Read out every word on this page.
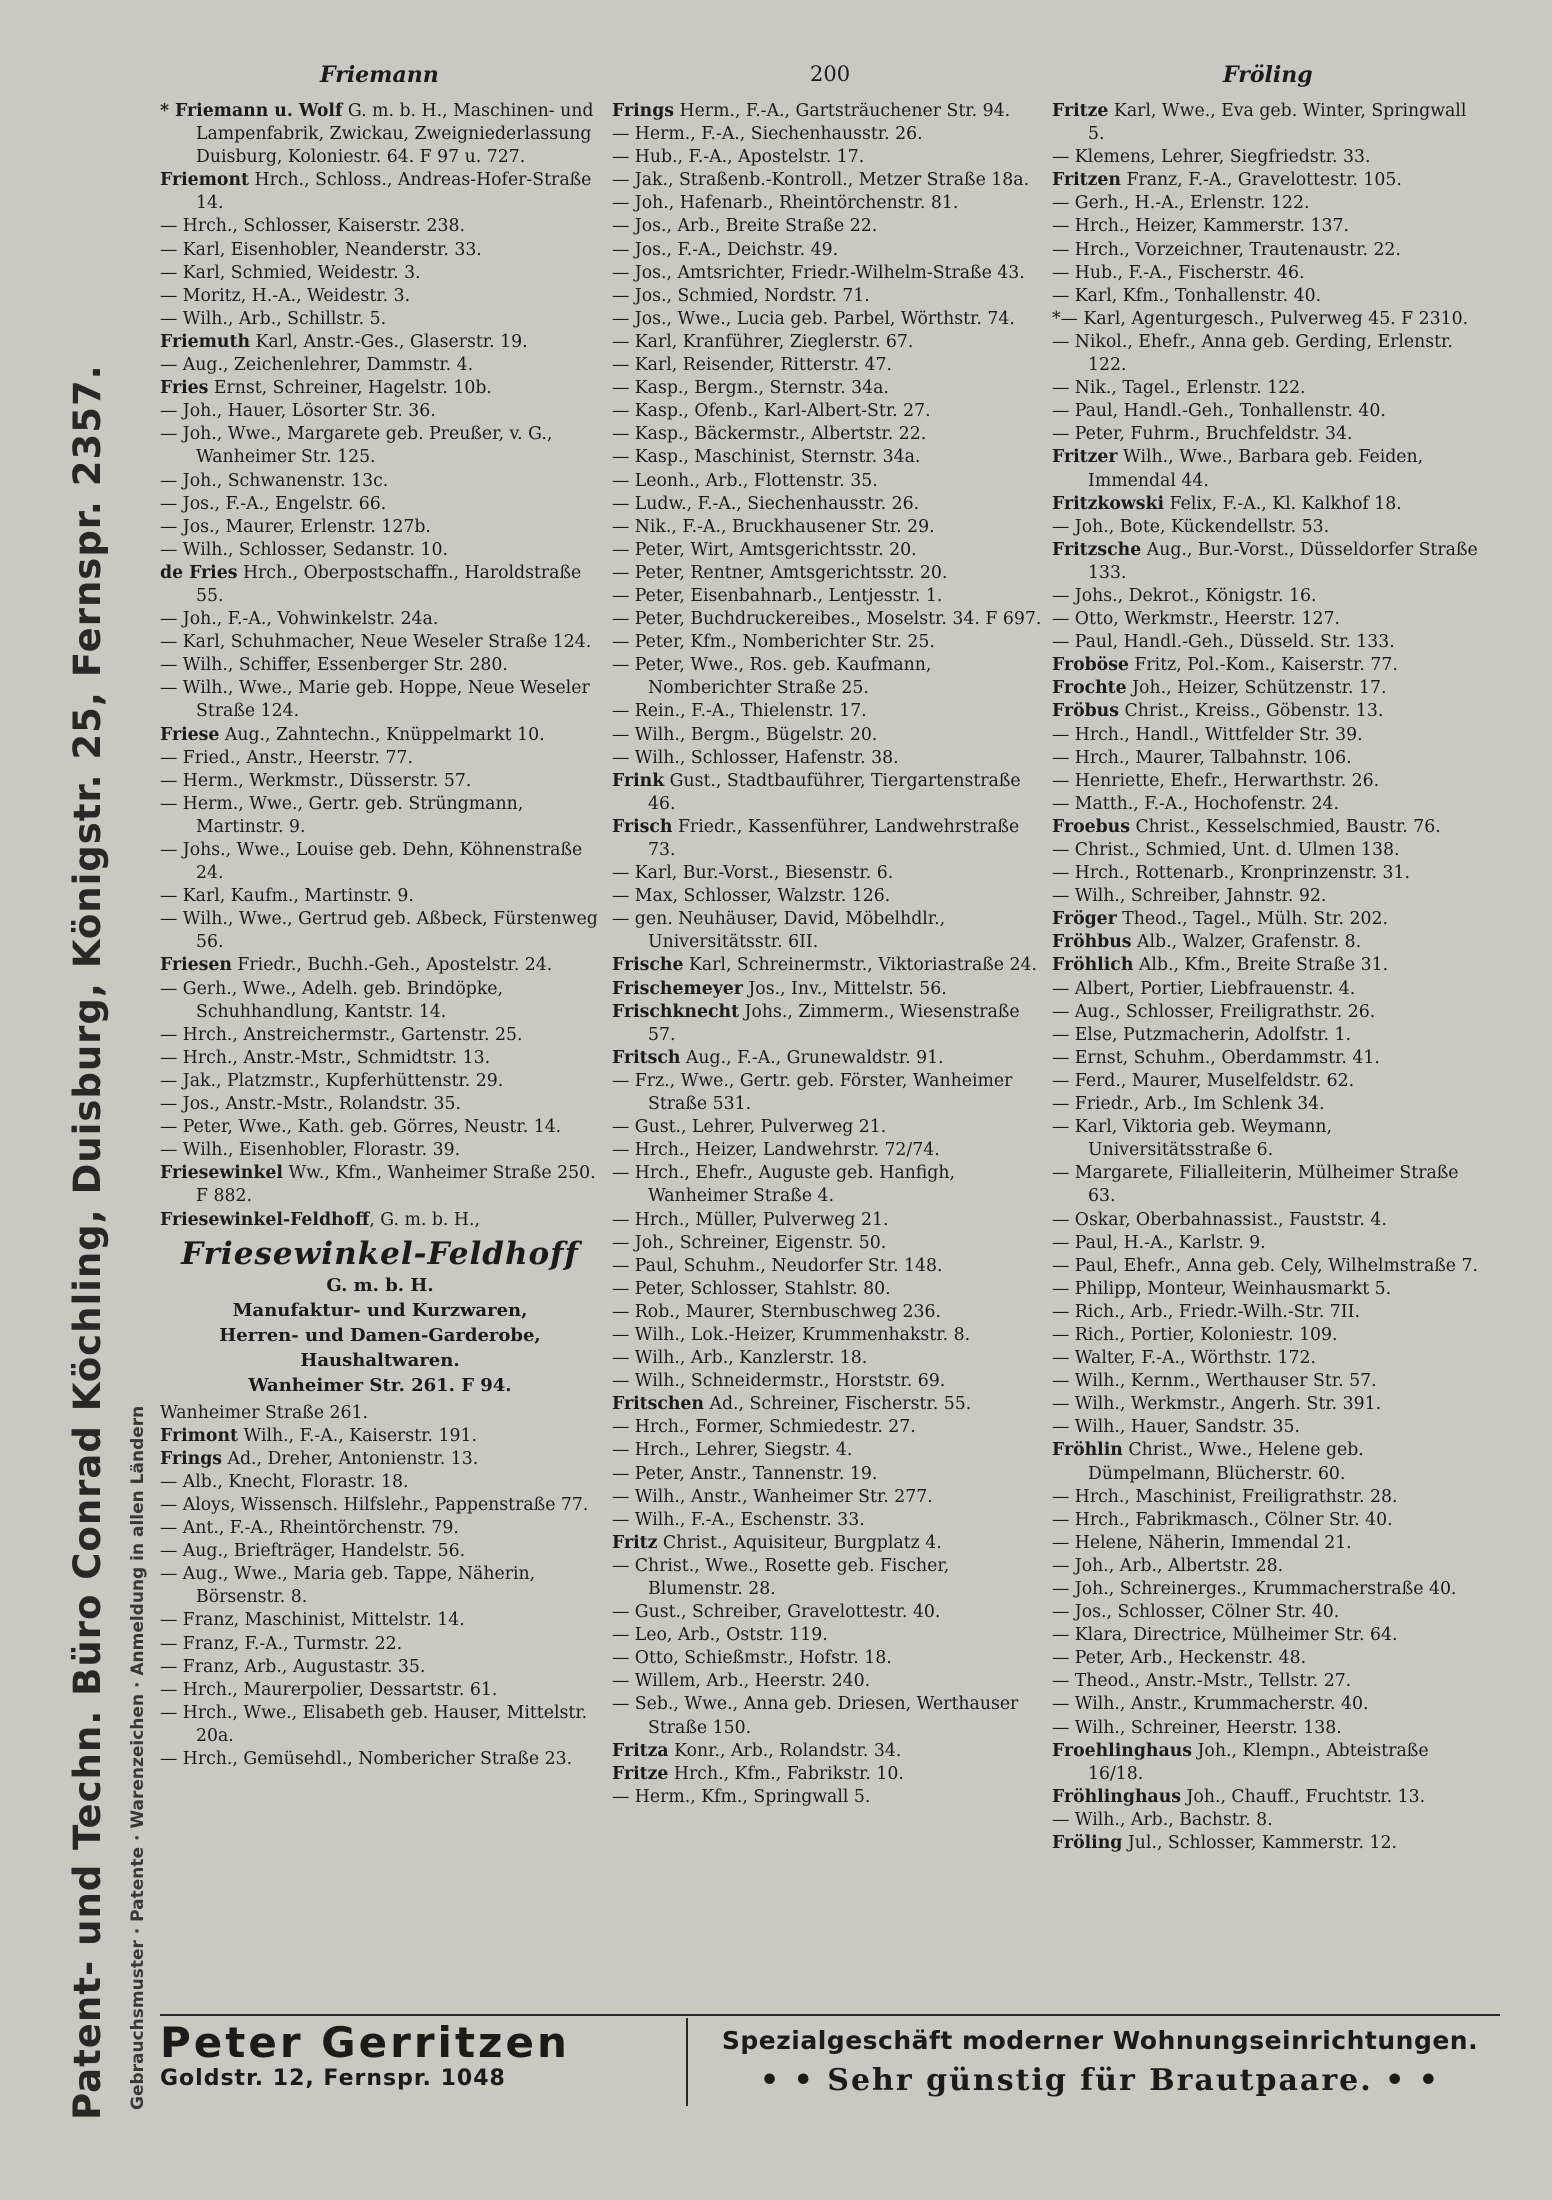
Patent- und Techn. Büro Conrad Köchling, Duisburg, Königstr. 25, Fernspr. 2357. Gebrauchsmuster · Patente · Warenzeichen · Anmeldung in allen Ländern
Friemann	200	Fröling

* Friemann u. Wolf G. m. b. H., Maschinen- und Lampenfabrik, Zwickau, Zweigniederlassung Duisburg, Koloniestr. 64. F 97 u. 727.

Friemont Hrch., Schloss., Andreas-Hofer-Straße 14.

— Hrch., Schlosser, Kaiserstr. 238.

— Karl, Eisenhobler, Neanderstr. 33.

— Karl, Schmied, Weidestr. 3.

— Moritz, H.-A., Weidestr. 3.

— Wilh., Arb., Schillstr. 5.

Friemuth Karl, Anstr.-Ges., Glaserstr. 19.

— Aug., Zeichenlehrer, Dammstr. 4.

Fries Ernst, Schreiner, Hagelstr. 10b.

— Joh., Hauer, Lösorter Str. 36.

— Joh., Wwe., Margarete geb. Preußer, v. G., Wanheimer Str. 125.

— Joh., Schwanenstr. 13c.

— Jos., F.-A., Engelstr. 66.

— Jos., Maurer, Erlenstr. 127b.

— Wilh., Schlosser, Sedanstr. 10.

de Fries Hrch., Oberpostschaffn., Haroldstraße 55.

— Joh., F.-A., Vohwinkelstr. 24a.

— Karl, Schuhmacher, Neue Weseler Straße 124.

— Wilh., Schiffer, Essenberger Str. 280.

— Wilh., Wwe., Marie geb. Hoppe, Neue Weseler Straße 124.

Friese Aug., Zahntechn., Knüppelmarkt 10.

— Fried., Anstr., Heerstr. 77.

— Herm., Werkmstr., Düsserstr. 57.

— Herm., Wwe., Gertr. geb. Strüngmann, Martinstr. 9.

— Johs., Wwe., Louise geb. Dehn, Köhnenstraße 24.

— Karl, Kaufm., Martinstr. 9.

— Wilh., Wwe., Gertrud geb. Aßbeck, Fürstenweg 56.

Friesen Friedr., Buchh.-Geh., Apostelstr. 24.

— Gerh., Wwe., Adelh. geb. Brindöpke, Schuhhandlung, Kantstr. 14.

— Hrch., Anstreichermstr., Gartenstr. 25.

— Hrch., Anstr.-Mstr., Schmidtstr. 13.

— Jak., Platzmstr., Kupferhüttenstr. 29.

— Jos., Anstr.-Mstr., Rolandstr. 35.

— Peter, Wwe., Kath. geb. Görres, Neustr. 14.

— Wilh., Eisenhobler, Florastr. 39.

Friesewinkel Ww., Kfm., Wanheimer Straße 250. F 882.

Friesewinkel-Feldhoff, G. m. b. H.,

Friesewinkel-Feldhoff
G. m. b. H.
Manufaktur- und Kurzwaren,
Herren- und Damen-Garderobe,
Haushaltwaren.
Wanheimer Str. 261. F 94.

Wanheimer Straße 261.

Frimont Wilh., F.-A., Kaiserstr. 191.

Frings Ad., Dreher, Antonienstr. 13.

— Alb., Knecht, Florastr. 18.

— Aloys, Wissensch. Hilfslehr., Pappenstraße 77.

— Ant., F.-A., Rheintörchenstr. 79.

— Aug., Briefträger, Handelstr. 56.

— Aug., Wwe., Maria geb. Tappe, Näherin, Börsenstr. 8.

— Franz, Maschinist, Mittelstr. 14.

— Franz, F.-A., Turmstr. 22.

— Franz, Arb., Augustastr. 35.

— Hrch., Maurerpolier, Dessartstr. 61.

— Hrch., Wwe., Elisabeth geb. Hauser, Mittelstr. 20a.

— Hrch., Gemüsehdl., Nombericher Straße 23.

Frings Herm., F.-A., Gartsträuchener Str. 94.

— Herm., F.-A., Siechenhausstr. 26.

— Hub., F.-A., Apostelstr. 17.

— Jak., Straßenb.-Kontroll., Metzer Straße 18a.

— Joh., Hafenarb., Rheintörchenstr. 81.

— Jos., Arb., Breite Straße 22.

— Jos., F.-A., Deichstr. 49.

— Jos., Amtsrichter, Friedr.-Wilhelm-Straße 43.

— Jos., Schmied, Nordstr. 71.

— Jos., Wwe., Lucia geb. Parbel, Wörthstr. 74.

— Karl, Kranführer, Zieglerstr. 67.

— Karl, Reisender, Ritterstr. 47.

— Kasp., Bergm., Sternstr. 34a.

— Kasp., Ofenb., Karl-Albert-Str. 27.

— Kasp., Bäckermstr., Albertstr. 22.

— Kasp., Maschinist, Sternstr. 34a.

— Leonh., Arb., Flottenstr. 35.

— Ludw., F.-A., Siechenhausstr. 26.

— Nik., F.-A., Bruckhausener Str. 29.

— Peter, Wirt, Amtsgerichtsstr. 20.

— Peter, Rentner, Amtsgerichtsstr. 20.

— Peter, Eisenbahnarb., Lentjesstr. 1.

— Peter, Buchdruckereibes., Moselstr. 34. F 697.

— Peter, Kfm., Nomberichter Str. 25.

— Peter, Wwe., Ros. geb. Kaufmann, Nomberichter Straße 25.

— Rein., F.-A., Thielenstr. 17.

— Wilh., Bergm., Bügelstr. 20.

— Wilh., Schlosser, Hafenstr. 38.

Frink Gust., Stadtbauführer, Tiergartenstraße 46.

Frisch Friedr., Kassenführer, Landwehrstraße 73.

— Karl, Bur.-Vorst., Biesenstr. 6.

— Max, Schlosser, Walzstr. 126.

— gen. Neuhäuser, David, Möbelhdlr., Universitätsstr. 6II.

Frische Karl, Schreinermstr., Viktoriastraße 24.

Frischemeyer Jos., Inv., Mittelstr. 56.

Frischknecht Johs., Zimmerm., Wiesenstraße 57.

Fritsch Aug., F.-A., Grunewaldstr. 91.

— Frz., Wwe., Gertr. geb. Förster, Wanheimer Straße 531.

— Gust., Lehrer, Pulverweg 21.

— Hrch., Heizer, Landwehrstr. 72/74.

— Hrch., Ehefr., Auguste geb. Hanfigh, Wanheimer Straße 4.

— Hrch., Müller, Pulverweg 21.

— Joh., Schreiner, Eigenstr. 50.

— Paul, Schuhm., Neudorfer Str. 148.

— Peter, Schlosser, Stahlstr. 80.

— Rob., Maurer, Sternbuschweg 236.

— Wilh., Lok.-Heizer, Krummenhakstr. 8.

— Wilh., Arb., Kanzlerstr. 18.

— Wilh., Schneidermstr., Horststr. 69.

Fritschen Ad., Schreiner, Fischerstr. 55.

— Hrch., Former, Schmiedestr. 27.

— Hrch., Lehrer, Siegstr. 4.

— Peter, Anstr., Tannenstr. 19.

— Wilh., Anstr., Wanheimer Str. 277.

— Wilh., F.-A., Eschenstr. 33.

Fritz Christ., Aquisiteur, Burgplatz 4.

— Christ., Wwe., Rosette geb. Fischer, Blumenstr. 28.

— Gust., Schreiber, Gravelottestr. 40.

— Leo, Arb., Oststr. 119.

— Otto, Schießmstr., Hofstr. 18.

— Willem, Arb., Heerstr. 240.

— Seb., Wwe., Anna geb. Driesen, Werthauser Straße 150.

Fritza Konr., Arb., Rolandstr. 34.

Fritze Hrch., Kfm., Fabrikstr. 10.

— Herm., Kfm., Springwall 5.

Fritze Karl, Wwe., Eva geb. Winter, Springwall 5.

— Klemens, Lehrer, Siegfriedstr. 33.

Fritzen Franz, F.-A., Gravelottestr. 105.

— Gerh., H.-A., Erlenstr. 122.

— Hrch., Heizer, Kammerstr. 137.

— Hrch., Vorzeichner, Trautenaustr. 22.

— Hub., F.-A., Fischerstr. 46.

— Karl, Kfm., Tonhallenstr. 40.

*— Karl, Agenturgesch., Pulverweg 45. F 2310.

— Nikol., Ehefr., Anna geb. Gerding, Erlenstr. 122.

— Nik., Tagel., Erlenstr. 122.

— Paul, Handl.-Geh., Tonhallenstr. 40.

— Peter, Fuhrm., Bruchfeldstr. 34.

Fritzer Wilh., Wwe., Barbara geb. Feiden, Immendal 44.

Fritzkowski Felix, F.-A., Kl. Kalkhof 18.

— Joh., Bote, Kückendellstr. 53.

Fritzsche Aug., Bur.-Vorst., Düsseldorfer Straße 133.

— Johs., Dekrot., Königstr. 16.

— Otto, Werkmstr., Heerstr. 127.

— Paul, Handl.-Geh., Düsseld. Str. 133.

Froböse Fritz, Pol.-Kom., Kaiserstr. 77.

Frochte Joh., Heizer, Schützenstr. 17.

Fröbus Christ., Kreiss., Göbenstr. 13.

— Hrch., Handl., Wittfelder Str. 39.

— Hrch., Maurer, Talbahnstr. 106.

— Henriette, Ehefr., Herwarthstr. 26.

— Matth., F.-A., Hochofenstr. 24.

Froebus Christ., Kesselschmied, Baustr. 76.

— Christ., Schmied, Unt. d. Ulmen 138.

— Hrch., Rottenarb., Kronprinzenstr. 31.

— Wilh., Schreiber, Jahnstr. 92.

Fröger Theod., Tagel., Mülh. Str. 202.

Fröhbus Alb., Walzer, Grafenstr. 8.

Fröhlich Alb., Kfm., Breite Straße 31.

— Albert, Portier, Liebfrauenstr. 4.

— Aug., Schlosser, Freiligrathstr. 26.

— Else, Putzmacherin, Adolfstr. 1.

— Ernst, Schuhm., Oberdammstr. 41.

— Ferd., Maurer, Muselfeldstr. 62.

— Friedr., Arb., Im Schlenk 34.

— Karl, Viktoria geb. Weymann, Universitätsstraße 6.

— Margarete, Filialleiterin, Mülheimer Straße 63.

— Oskar, Oberbahnassist., Fauststr. 4.

— Paul, H.-A., Karlstr. 9.

— Paul, Ehefr., Anna geb. Cely, Wilhelmstraße 7.

— Philipp, Monteur, Weinhausmarkt 5.

— Rich., Arb., Friedr.-Wilh.-Str. 7II.

— Rich., Portier, Koloniestr. 109.

— Walter, F.-A., Wörthstr. 172.

— Wilh., Kernm., Werthauser Str. 57.

— Wilh., Werkmstr., Angerh. Str. 391.

— Wilh., Hauer, Sandstr. 35.

Fröhlin Christ., Wwe., Helene geb. Dümpelmann, Blücherstr. 60.

— Hrch., Maschinist, Freiligrathstr. 28.

— Hrch., Fabrikmasch., Cölner Str. 40.

— Helene, Näherin, Immendal 21.

— Joh., Arb., Albertstr. 28.

— Joh., Schreinerges., Krummacherstraße 40.

— Jos., Schlosser, Cölner Str. 40.

— Klara, Directrice, Mülheimer Str. 64.

— Peter, Arb., Heckenstr. 48.

— Theod., Anstr.-Mstr., Tellstr. 27.

— Wilh., Anstr., Krummacherstr. 40.

— Wilh., Schreiner, Heerstr. 138.

Froehlinghaus Joh., Klempn., Abteistraße 16/18.

Fröhlinghaus Joh., Chauff., Fruchtstr. 13.

— Wilh., Arb., Bachstr. 8.

Fröling Jul., Schlosser, Kammerstr. 12.

Peter Gerritzen
Goldstr. 12, Fernspr. 1048
Spezialgeschäft moderner Wohnungseinrichtungen.
• • Sehr günstig für Brautpaare. • •
